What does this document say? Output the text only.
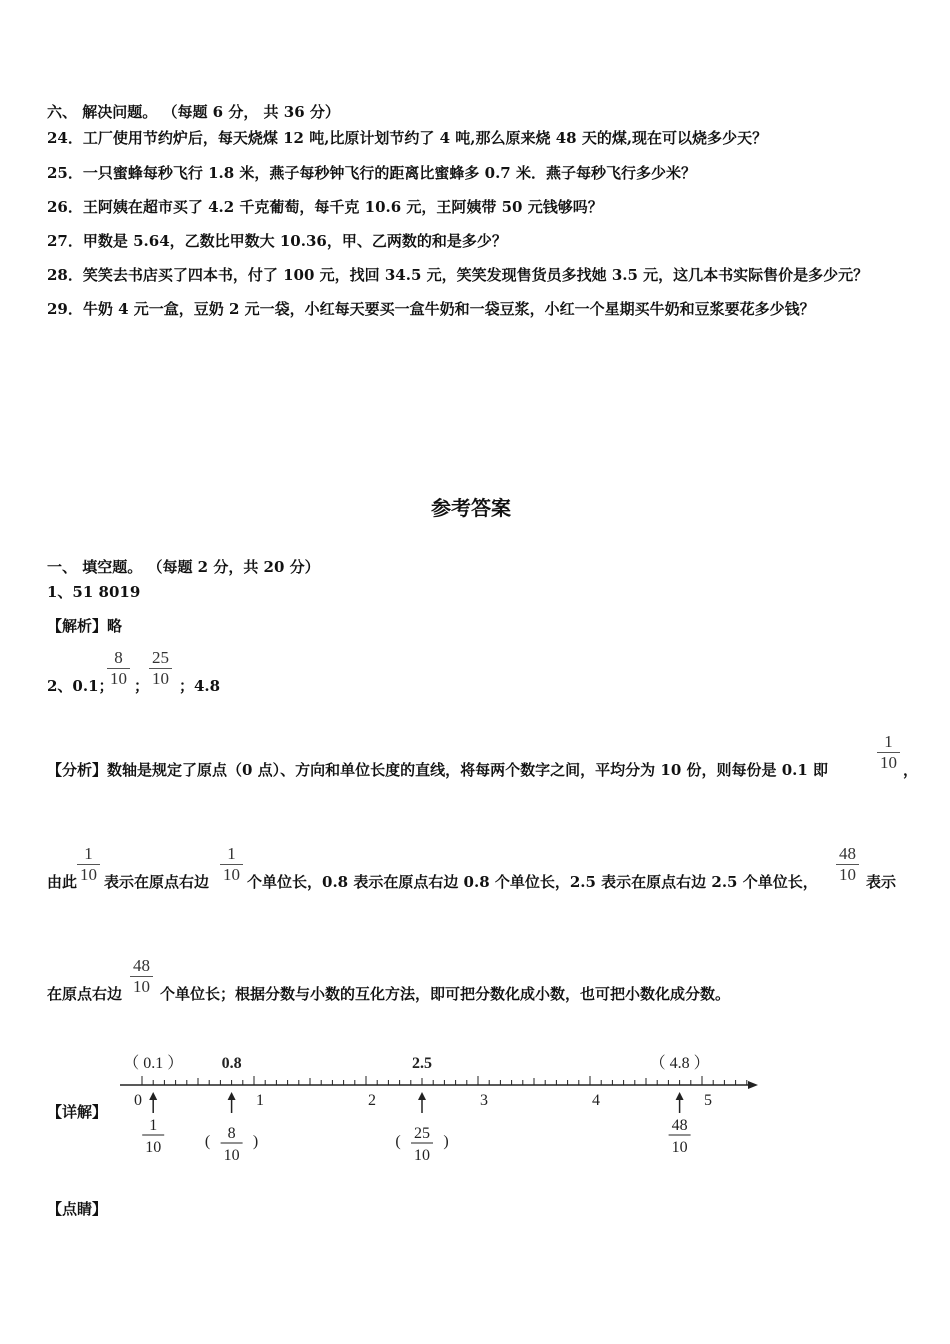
六、 解决问题。 （每题 6 分， 共 36 分）
24．工厂使用节约炉后，每天烧煤 12 吨,比原计划节约了 4 吨,那么原来烧 48 天的煤,现在可以烧多少天？
25．一只蜜蜂每秒飞行 1.8 米，燕子每秒钟飞行的距离比蜜蜂多 0.7 米．燕子每秒飞行多少米？
26．王阿姨在超市买了 4.2 千克葡萄，每千克 10.6 元，王阿姨带 50 元钱够吗？
27．甲数是 5.64，乙数比甲数大 10.36，甲、乙两数的和是多少？
28．笑笑去书店买了四本书，付了 100 元，找回 34.5 元，笑笑发现售货员多找她 3.5 元，这几本书实际售价是多少元？
29．牛奶 4 元一盒，豆奶 2 元一袋，小红每天要买一盒牛奶和一袋豆浆，小红一个星期买牛奶和豆浆要花多少钱？
参考答案
一、 填空题。 （每题 2 分，共 20 分）
1、51 8019
【解析】略
2、0.1；
$\frac{8}{10}$ ； $\frac{25}{10}$ ；4.8
【分析】数轴是规定了原点（0 点）、方向和单位长度的直线，将每两个数字之间，平均分为 10 份，则每份是 0.1 即	$\frac{1}{10}$ ，
由此 $\frac{1}{10}$ 表示在原点右边 $\frac{1}{10}$ 个单位长，0.8 表示在原点右边 0.8 个单位长，2.5 表示在原点右边 2.5 个单位长， $\frac{48}{10}$ 表示
在原点右边 $\frac{48}{10}$ 个单位长；根据分数与小数的互化方法，即可把分数化成小数，也可把小数化成分数。
【详解】
（ 0.1 ） 0.8	2.5	（ 4.8 ）
0	1	2	3	4	5
1
10
8
10
(	)	25
10
(	)
48
10
【点睛】
